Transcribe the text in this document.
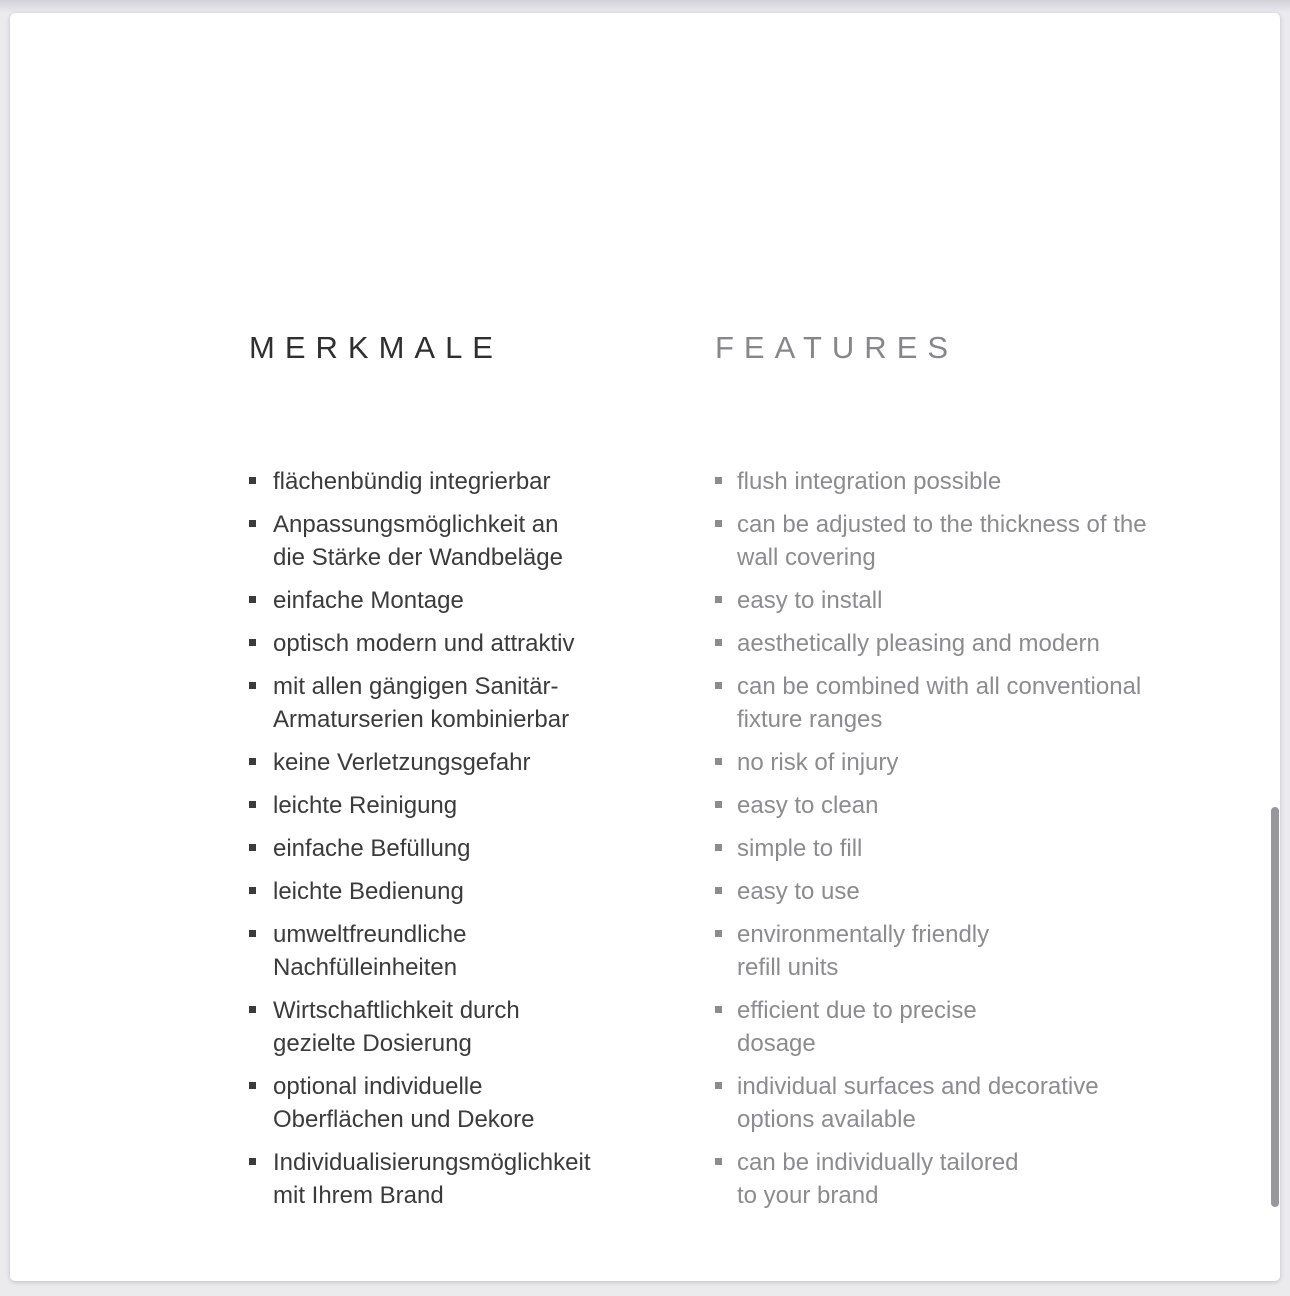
MERKMALE
flächenbündig integrierbar
Anpassungsmöglichkeit an
die Stärke der Wandbeläge
einfache Montage
optisch modern und attraktiv
mit allen gängigen Sanitär-
Armaturserien kombinierbar
keine Verletzungsgefahr
leichte Reinigung
einfache Befüllung
leichte Bedienung
umweltfreundliche
Nachfülleinheiten
Wirtschaftlichkeit durch
gezielte Dosierung
optional individuelle
Oberflächen und Dekore
Individualisierungsmöglichkeit
mit Ihrem Brand
FEATURES
flush integration possible
can be adjusted to the thickness of the
wall covering
easy to install
aesthetically pleasing and modern
can be combined with all conventional
fixture ranges
no risk of injury
easy to clean
simple to fill
easy to use
environmentally friendly
refill units
efficient due to precise
dosage
individual surfaces and decorative
options available
can be individually tailored
to your brand
